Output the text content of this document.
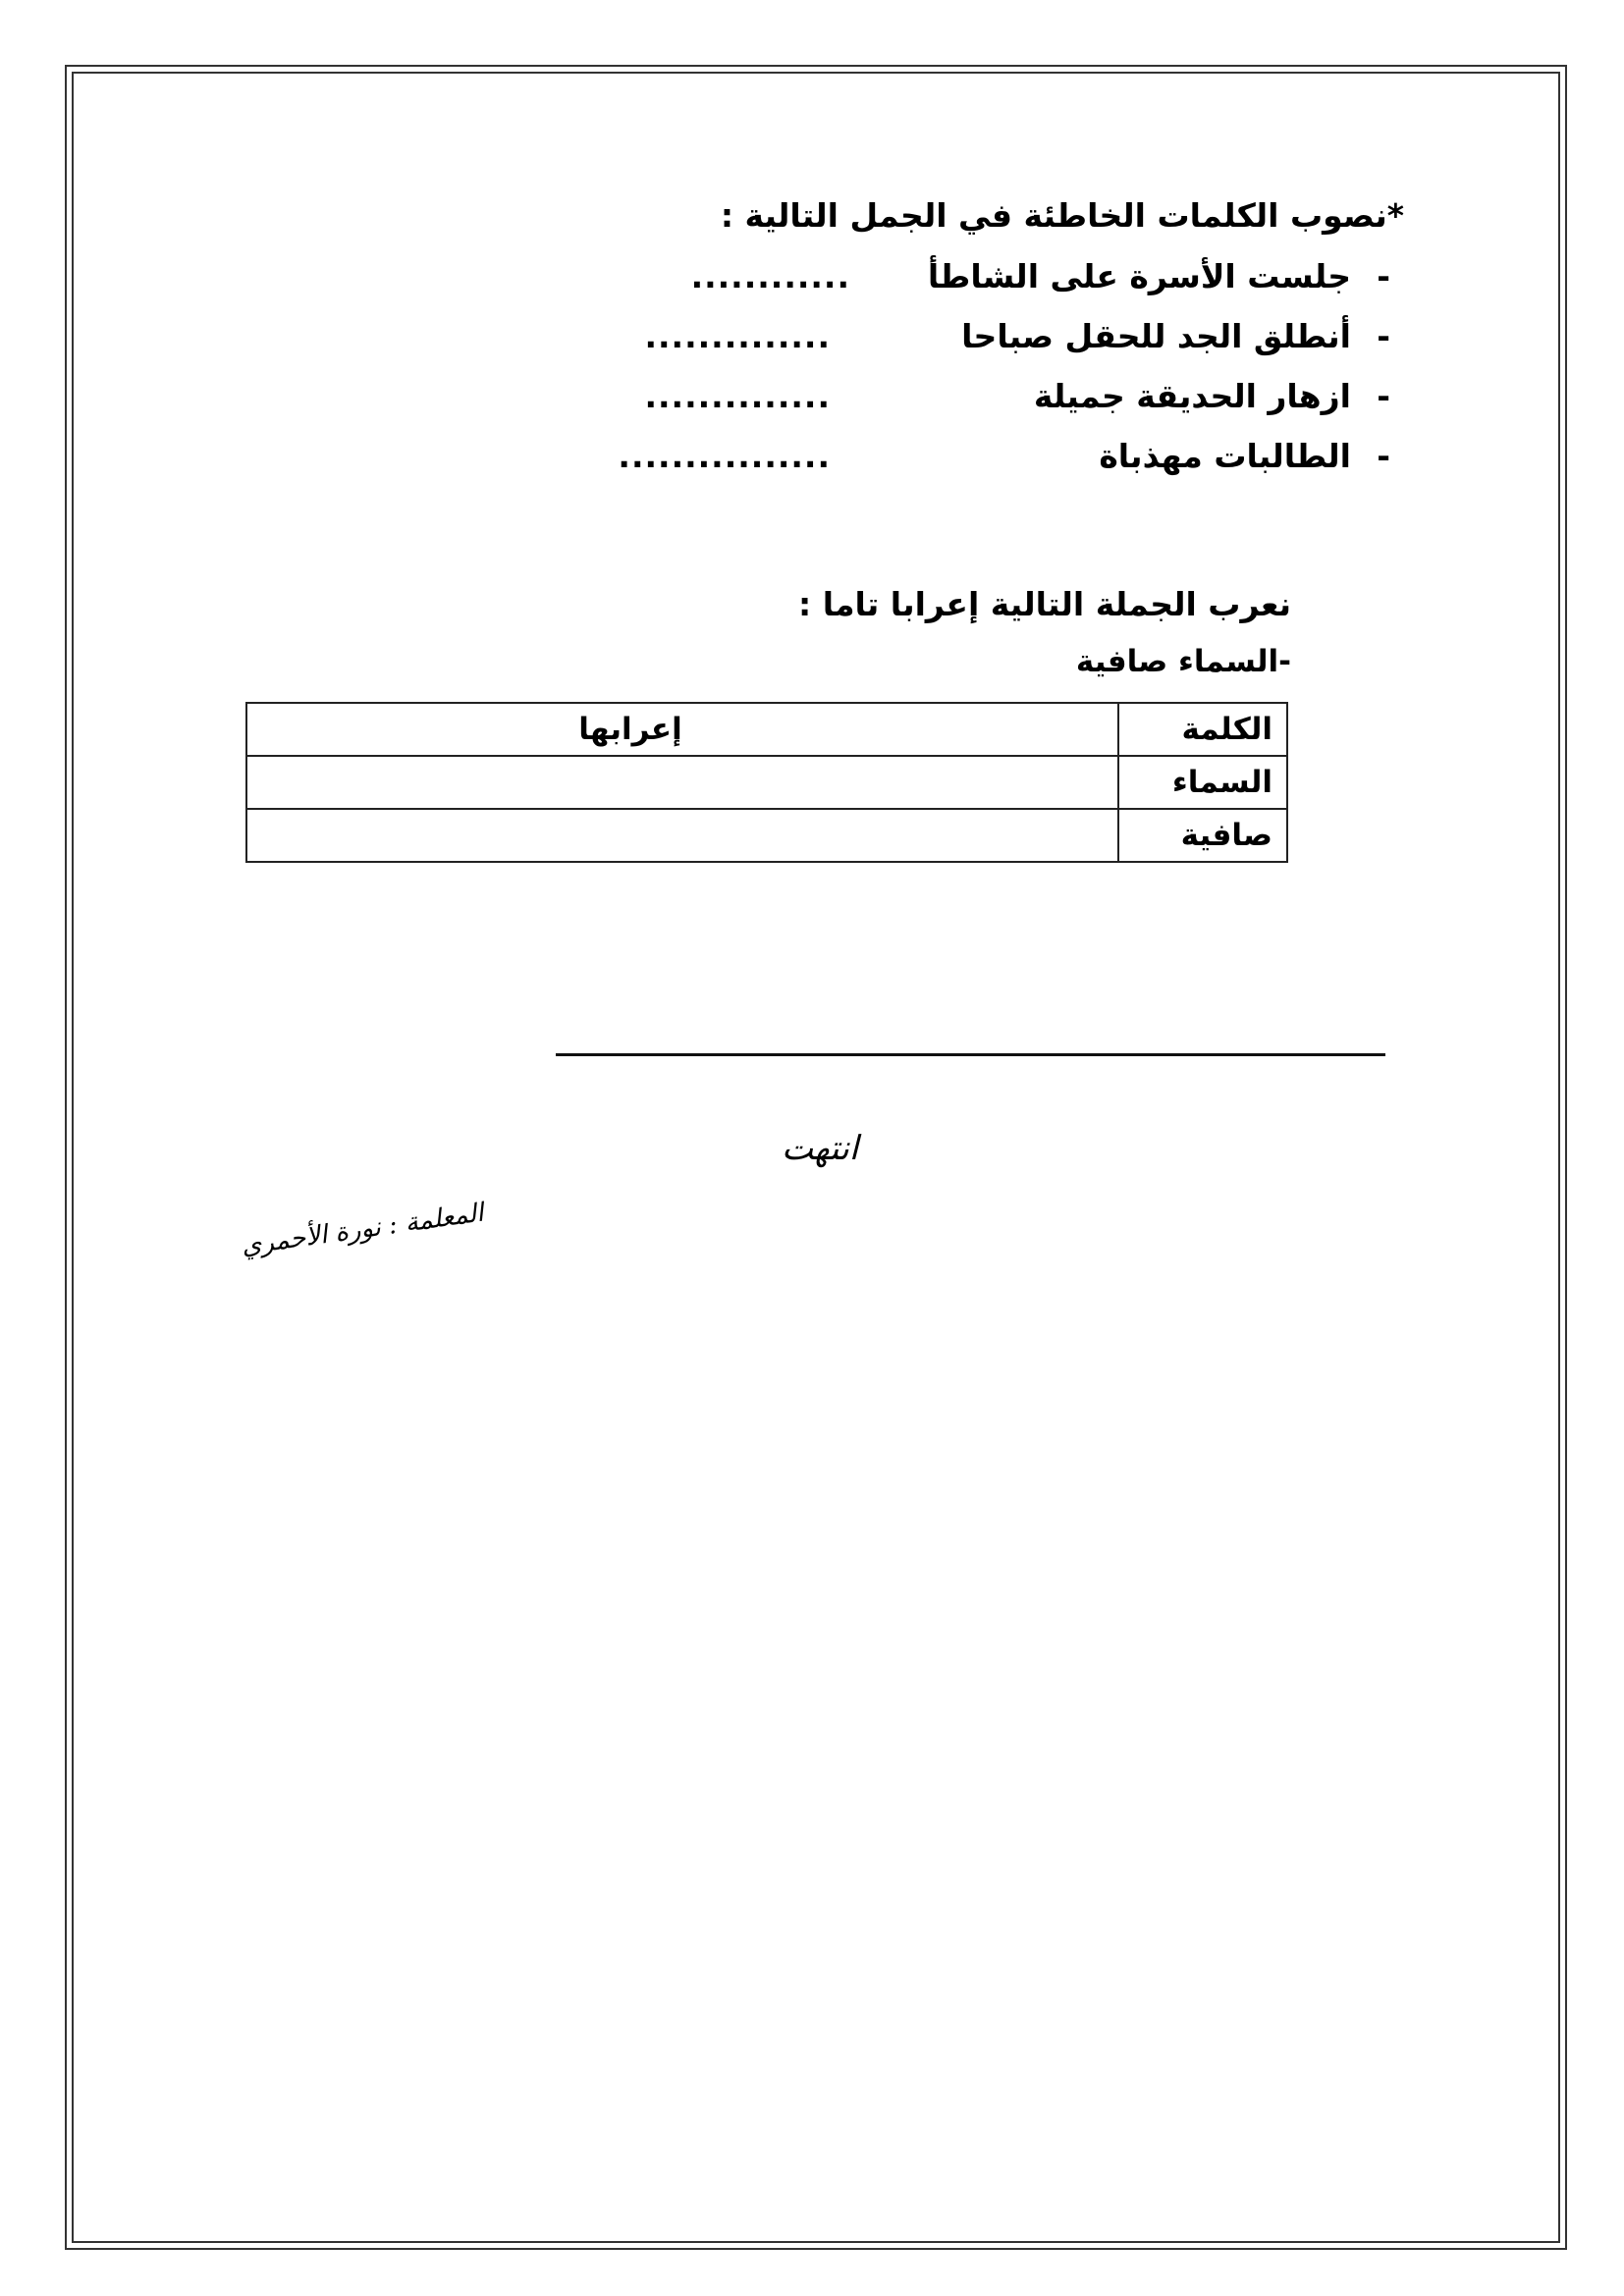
*نصوب الكلمات الخاطئة في الجمل التالية :
-
جلست الأسرة على الشاطأ
............
-
أنطلق الجد للحقل صباحا
..............
-
ازهار الحديقة جميلة
..............
-
الطالبات مهذباة
................
نعرب الجملة التالية إعرابا تاما :
-السماء صافية
الكلمة	إعرابها
السماء	
صافية	
انتهت
المعلمة : نورة الأحمري
